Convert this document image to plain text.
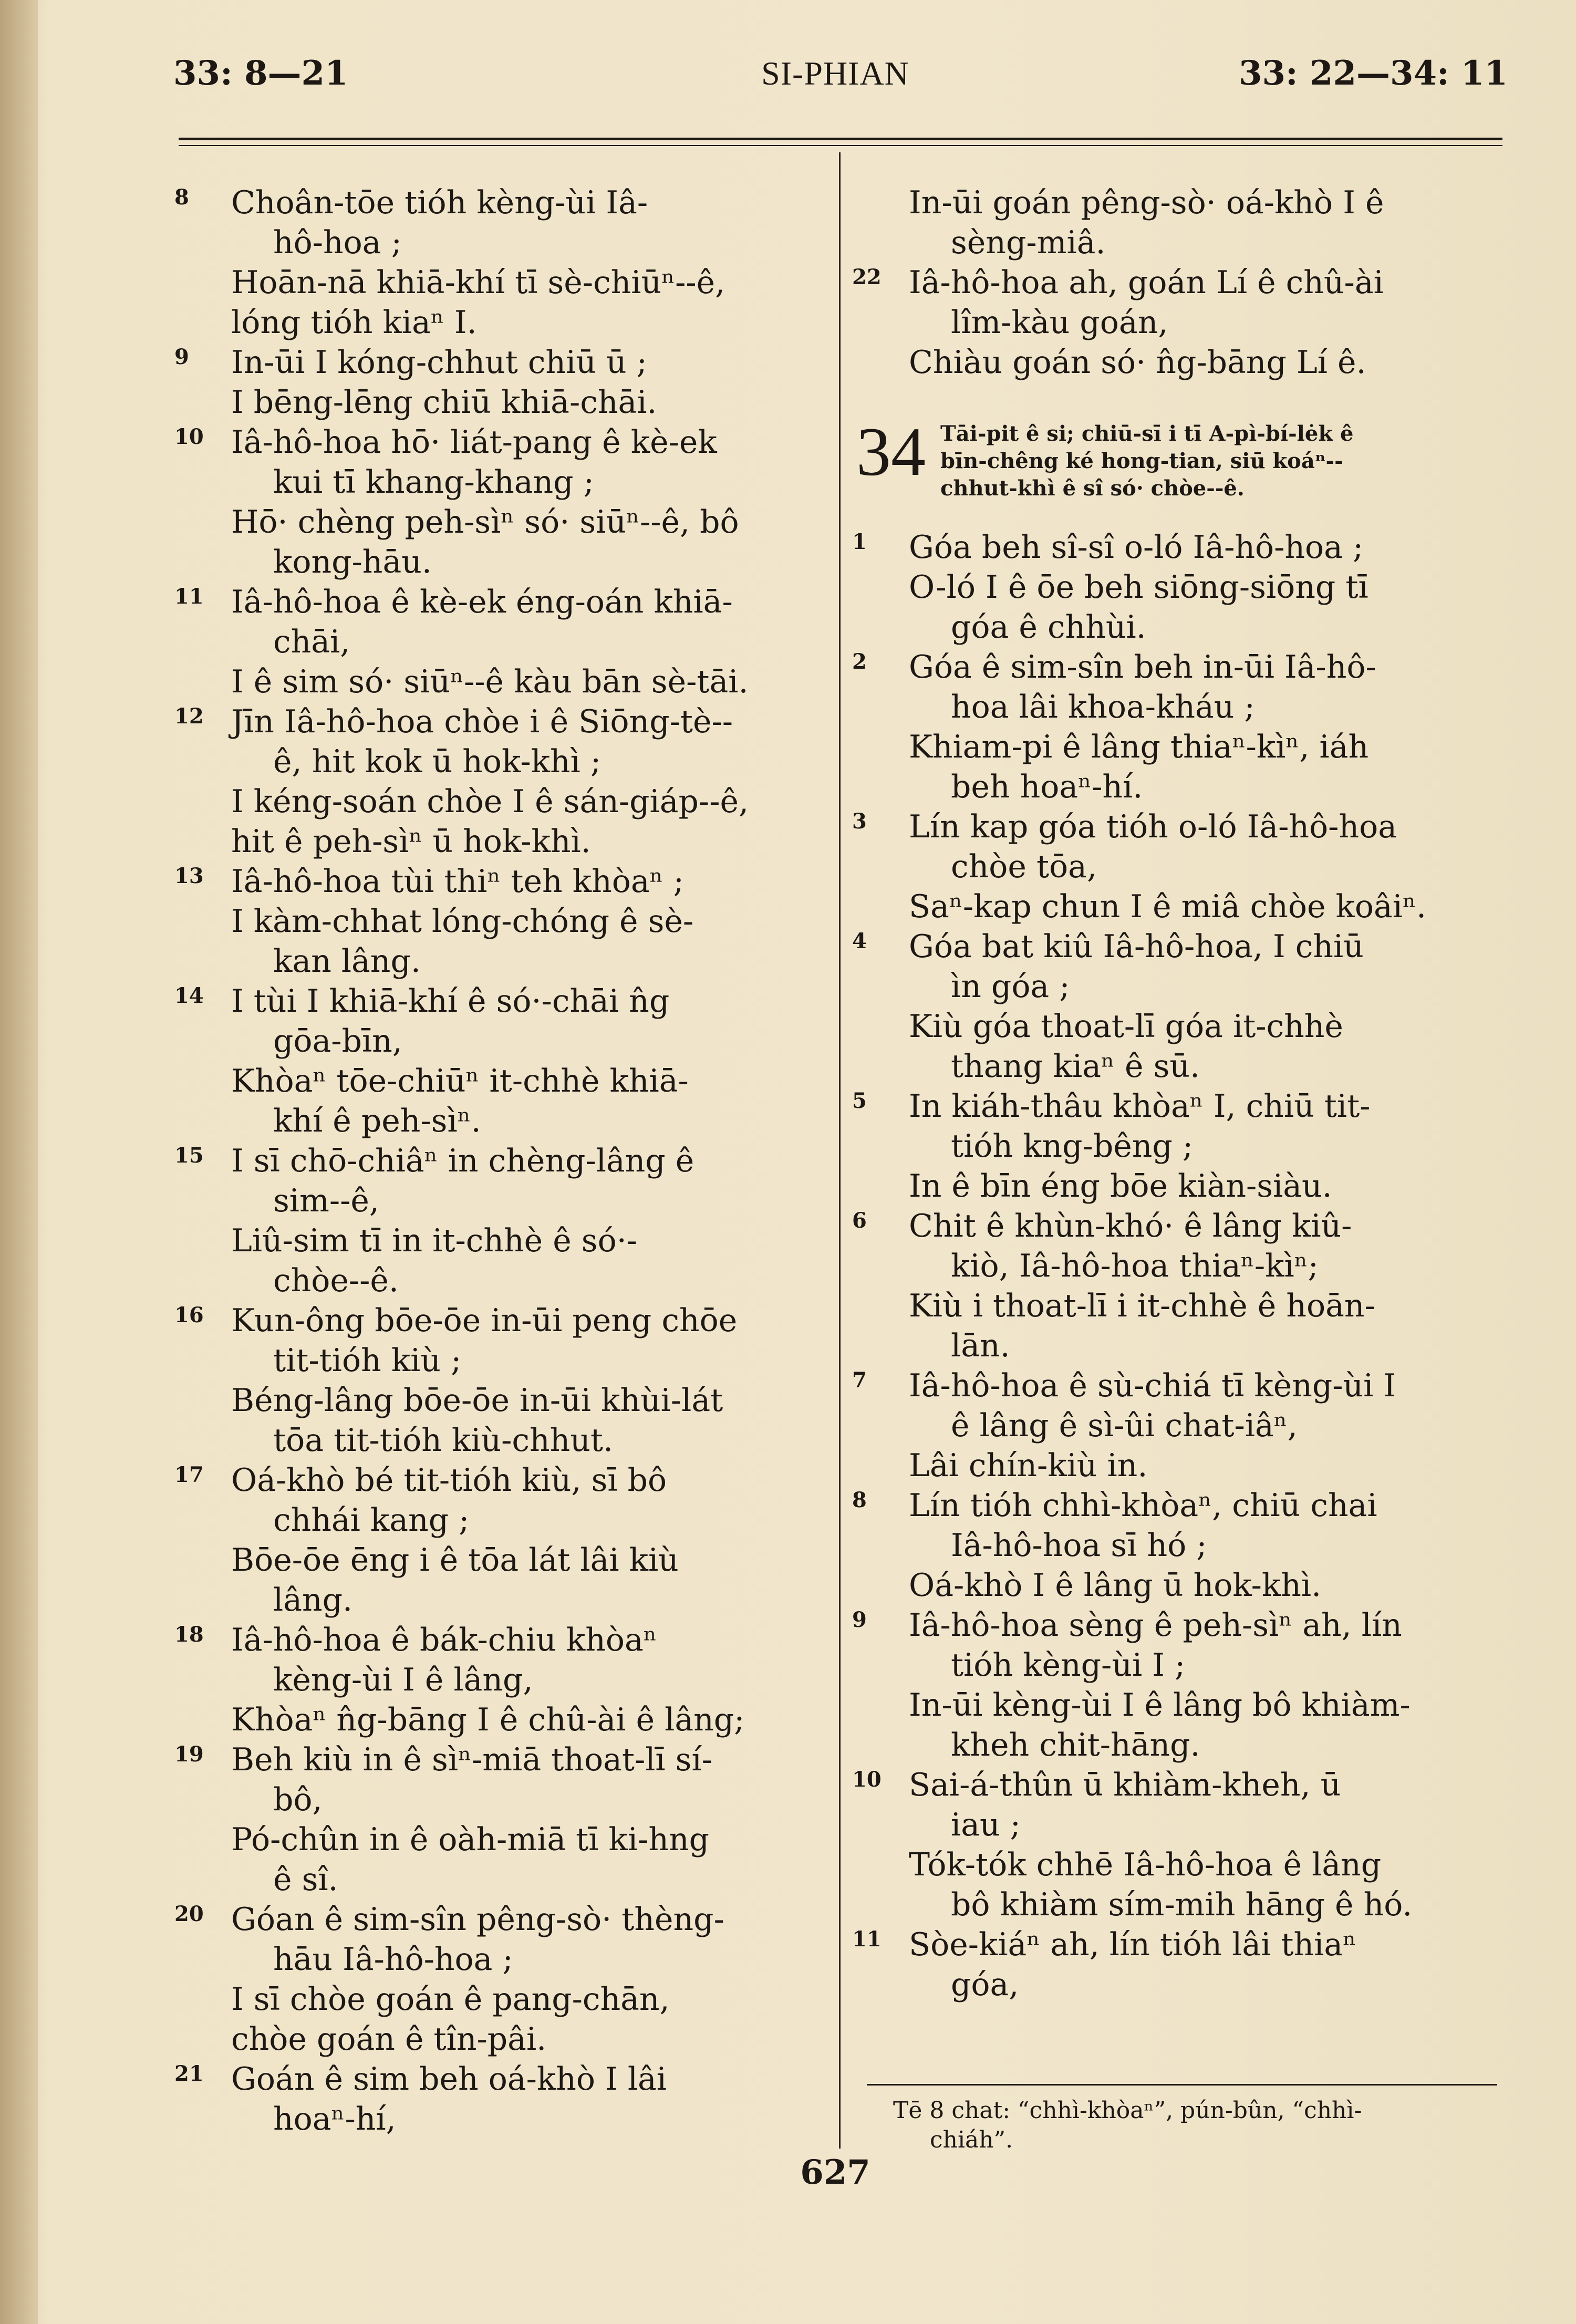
33: 8—21	SI-PHIAN	33: 22—34: 11
8	Choân-tōe tióh kèng-ùi Iâ-
hô-hoa ;
Hoān-nā khiā-khí tī sè-chiūⁿ--ê,
lóng tióh kiaⁿ I.
9	In-ūi I kóng-chhut chiū ū ;
I bēng-lēng chiū khiā-chāi.
10 Iâ-hô-hoa hō· liát-pang ê kè-ek
kui tī khang-khang ;
Hō· chèng peh-sìⁿ só· siūⁿ--ê, bô
kong-hāu.
11 Iâ-hô-hoa ê kè-ek éng-oán khiā-
chāi,
I ê sim só· siūⁿ--ê kàu bān sè-tāi.
12 Jīn Iâ-hô-hoa chòe i ê Siōng-tè--
ê, hit kok ū hok-khì ;
I kéng-soán chòe I ê sán-giáp--ê,
hit ê peh-sìⁿ ū hok-khì.
13 Iâ-hô-hoa tùi thiⁿ teh khòaⁿ ;
I kàm-chhat lóng-chóng ê sè-
kan lâng.
14 I tùi I khiā-khí ê só·-chāi n̂g
gōa-bīn,
Khòaⁿ tōe-chiūⁿ it-chhè khiā-
khí ê peh-sìⁿ.
15 I sī chō-chiâⁿ in chèng-lâng ê
sim--ê,
Liû-sim tī in it-chhè ê só·-
chòe--ê.
16 Kun-ông bōe-ōe in-ūi peng chōe
tit-tióh kiù ;
Béng-lâng bōe-ōe in-ūi khùi-lát
tōa tit-tióh kiù-chhut.
17 Oá-khò bé tit-tióh kiù, sī bô
chhái kang ;
Bōe-ōe ēng i ê tōa lát lâi kiù
lâng.
18 Iâ-hô-hoa ê bák-chiu khòaⁿ
kèng-ùi I ê lâng,
Khòaⁿ n̂g-bāng I ê chû-ài ê lâng;
19 Beh kiù in ê sìⁿ-miā thoat-lī sí-
bô,
Pó-chûn in ê oàh-miā tī ki-hng
ê sî.
20 Góan ê sim-sîn pêng-sò· thèng-
hāu Iâ-hô-hoa ;
I sī chòe goán ê pang-chān,
chòe goán ê tîn-pâi.
21 Goán ê sim beh oá-khò I lâi
hoaⁿ-hí,
In-ūi goán pêng-sò· oá-khò I ê
sèng-miâ.
22 Iâ-hô-hoa ah, goán Lí ê chû-ài
lîm-kàu goán,
Chiàu goán só· n̂g-bāng Lí ê.
34 Tāi-pit ê si; chiū-sī i tī A-pì-bí-lėk ê
bīn-chêng ké hong-tian, siū koáⁿ--
chhut-khì ê sî só· chòe--ê.
1	Góa beh sî-sî o-ló Iâ-hô-hoa ;
O-ló I ê ōe beh siōng-siōng tī
góa ê chhùi.
2	Góa ê sim-sîn beh in-ūi Iâ-hô-
hoa lâi khoa-kháu ;
Khiam-pi ê lâng thiaⁿ-kìⁿ, iáh
beh hoaⁿ-hí.
3	Lín kap góa tióh o-ló Iâ-hô-hoa
chòe tōa,
Saⁿ-kap chun I ê miâ chòe koâiⁿ.
4	Góa bat kiû Iâ-hô-hoa, I chiū
ìn góa ;
Kiù góa thoat-lī góa it-chhè
thang kiaⁿ ê sū.
5	In kiáh-thâu khòaⁿ I, chiū tit-
tióh kng-bêng ;
In ê bīn éng bōe kiàn-siàu.
6	Chit ê khùn-khó· ê lâng kiû-
kiò, Iâ-hô-hoa thiaⁿ-kìⁿ;
Kiù i thoat-lī i it-chhè ê hoān-
lān.
7	Iâ-hô-hoa ê sù-chiá tī kèng-ùi I
ê lâng ê sì-ûi chat-iâⁿ,
Lâi chín-kiù in.
8	Lín tióh chhì-khòaⁿ, chiū chai
Iâ-hô-hoa sī hó ;
Oá-khò I ê lâng ū hok-khì.
9	Iâ-hô-hoa sèng ê peh-sìⁿ ah, lín
tióh kèng-ùi I ;
In-ūi kèng-ùi I ê lâng bô khiàm-
kheh chit-hāng.
10 Sai-á-thûn ū khiàm-kheh, ū
iau ;
Tók-tók chhē Iâ-hô-hoa ê lâng
bô khiàm sím-mih hāng ê hó.
11 Sòe-kiáⁿ ah, lín tióh lâi thiaⁿ
góa,
Tē 8 chat: “chhì-khòaⁿ”, pún-bûn, “chhì-
chiáh”.
627
